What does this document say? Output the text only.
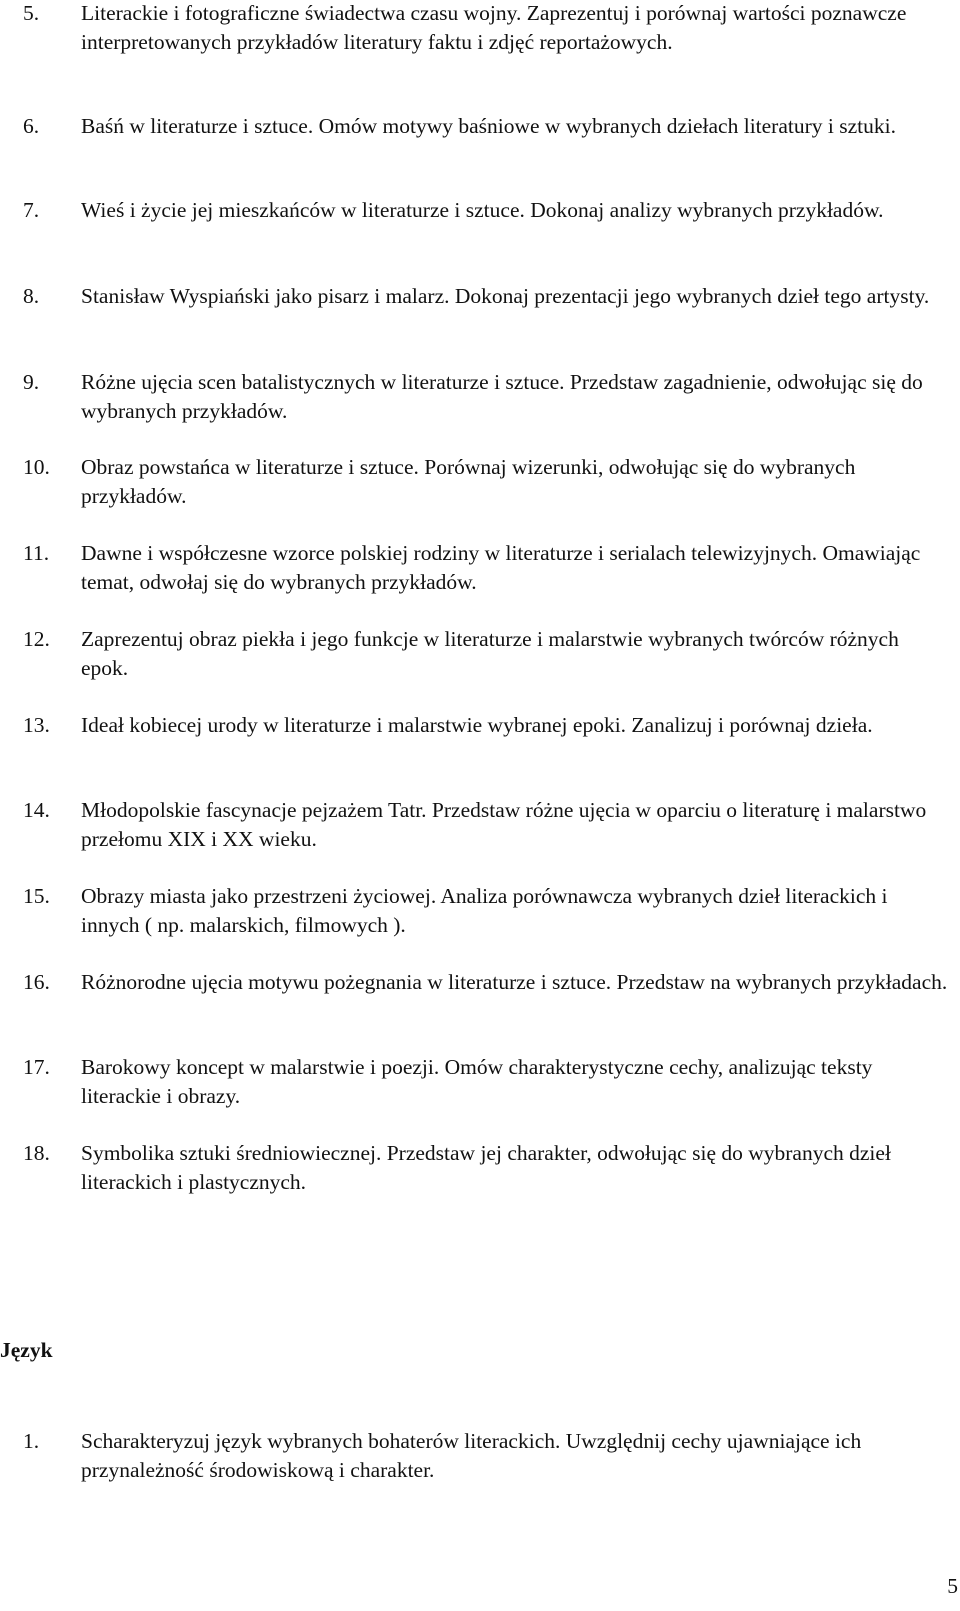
5. Literackie i fotograficzne świadectwa czasu wojny. Zaprezentuj i porównaj wartości poznawcze interpretowanych przykładów literatury faktu i zdjęć reportażowych.
6. Baśń w literaturze i sztuce. Omów motywy baśniowe w wybranych dziełach literatury i sztuki.
7. Wieś i życie jej mieszkańców w literaturze i sztuce. Dokonaj analizy wybranych przykładów.
8. Stanisław Wyspiański jako pisarz i malarz. Dokonaj prezentacji jego wybranych dzieł tego artysty.
9. Różne ujęcia scen batalistycznych w literaturze i sztuce. Przedstaw zagadnienie, odwołując się do wybranych przykładów.
10. Obraz powstańca w literaturze i sztuce. Porównaj wizerunki, odwołując się do wybranych przykładów.
11. Dawne i współczesne wzorce polskiej rodziny w literaturze i serialach telewizyjnych. Omawiając temat, odwołaj się do wybranych przykładów.
12. Zaprezentuj obraz piekła i jego funkcje w literaturze i malarstwie wybranych twórców różnych epok.
13. Ideał kobiecej urody w literaturze i malarstwie wybranej epoki. Zanalizuj i porównaj dzieła.
14. Młodopolskie fascynacje pejzażem Tatr. Przedstaw różne ujęcia w oparciu o literaturę i malarstwo przełomu XIX i XX wieku.
15. Obrazy miasta jako przestrzeni życiowej. Analiza porównawcza wybranych dzieł literackich i innych ( np. malarskich, filmowych ).
16. Różnorodne ujęcia motywu pożegnania w literaturze i sztuce. Przedstaw na wybranych przykładach.
17. Barokowy koncept w malarstwie i poezji. Omów charakterystyczne cechy, analizując teksty literackie i obrazy.
18. Symbolika sztuki średniowiecznej. Przedstaw jej charakter, odwołując się do wybranych dzieł literackich i plastycznych.
Język
1. Scharakteryzuj język wybranych bohaterów literackich. Uwzględnij cechy ujawniające ich przynależność środowiskową i charakter.
5
